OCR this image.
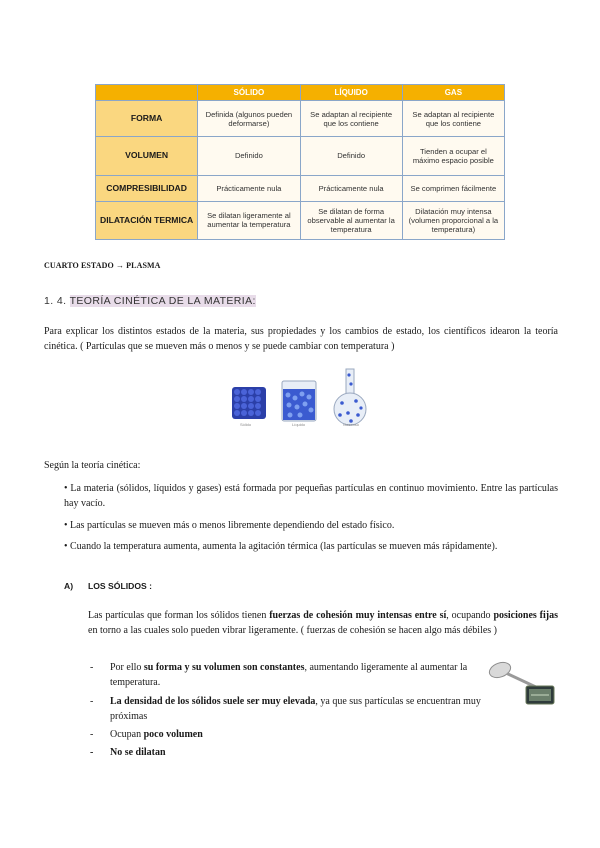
	SÓLIDO	LÍQUIDO	GAS
FORMA	Definida (algunos pueden deformarse)	Se adaptan al recipiente que los contiene	Se adaptan al recipiente que los contiene
VOLUMEN	Definido	Definido	Tienden a ocupar el máximo espacio posible
COMPRESIBILIDAD	Prácticamente nula	Prácticamente nula	Se comprimen fácilmente
DILATACIÓN TERMICA	Se dilatan ligeramente al aumentar la temperatura	Se dilatan de forma observable al aumentar la temperatura	Dilatación muy intensa (volumen proporcional a la temperatura)
CUARTO ESTADO → PLASMA
1. 4. TEORÍA CINÉTICA DE LA MATERIA:
Para explicar los distintos estados de la materia, sus propiedades y los cambios de estado, los científicos idearon la teoría cinética. ( Partículas que se mueven más o menos y se puede cambiar con temperatura )
Sólido	Líquido	Gaseoso
Según la teoría cinética:
• La materia (sólidos, líquidos y gases) está formada por pequeñas partículas en continuo movimiento. Entre las partículas hay vacío.
• Las partículas se mueven más o menos libremente dependiendo del estado físico.
• Cuando la temperatura aumenta, aumenta la agitación térmica (las partículas se mueven más rápidamente).
A) LOS SÓLIDOS :
Las partículas que forman los sólidos tienen fuerzas de cohesión muy intensas entre sí, ocupando posiciones fijas en torno a las cuales solo pueden vibrar ligeramente. ( fuerzas de cohesión se hacen algo más débiles )
- Por ello su forma y su volumen son constantes, aumentando ligeramente al aumentar la temperatura.
- La densidad de los sólidos suele ser muy elevada, ya que sus partículas se encuentran muy próximas
- Ocupan poco volumen
- No se dilatan
